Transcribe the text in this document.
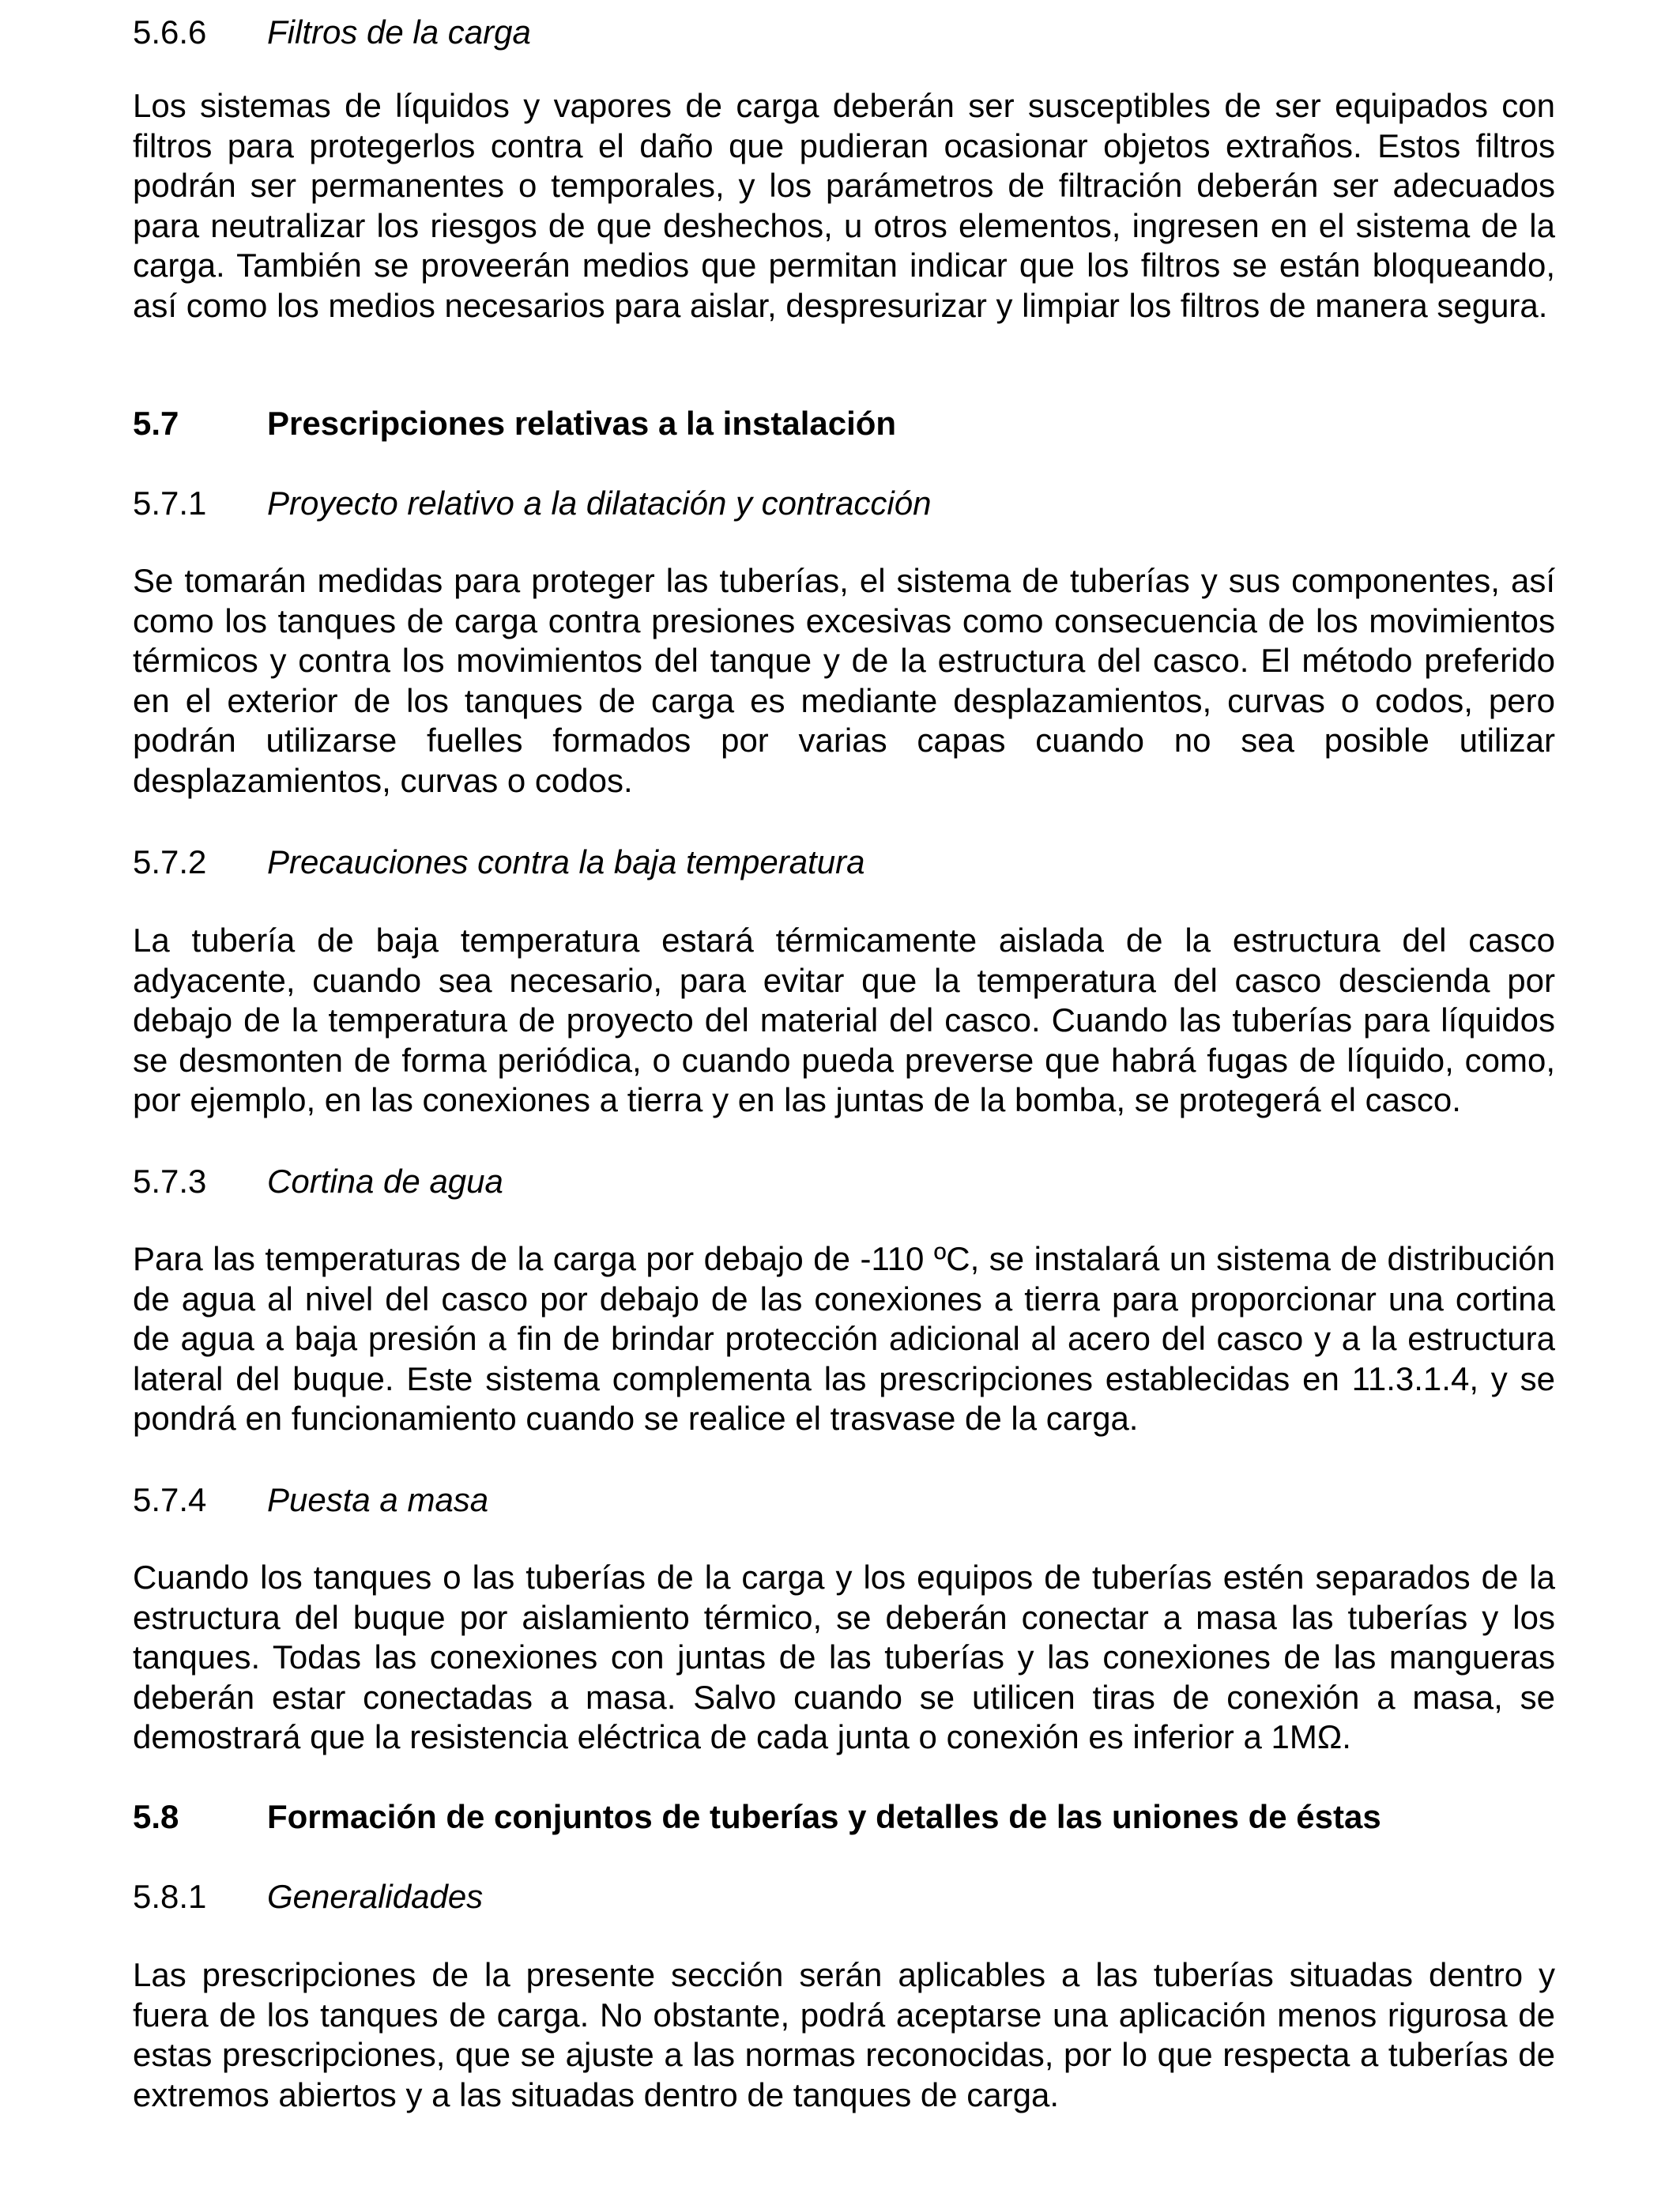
5.6.6 Filtros de la carga

Los sistemas de líquidos y vapores de carga deberán ser susceptibles de ser equipados con filtros para protegerlos contra el daño que pudieran ocasionar objetos extraños. Estos filtros podrán ser permanentes o temporales, y los parámetros de filtración deberán ser adecuados para neutralizar los riesgos de que deshechos, u otros elementos, ingresen en el sistema de la carga. También se proveerán medios que permitan indicar que los filtros se están bloqueando, así como los medios necesarios para aislar, despresurizar y limpiar los filtros de manera segura.

5.7	Prescripciones relativas a la instalación
5.7.1 Proyecto relativo a la dilatación y contracción

Se tomarán medidas para proteger las tuberías, el sistema de tuberías y sus componentes, así como los tanques de carga contra presiones excesivas como consecuencia de los movimientos térmicos y contra los movimientos del tanque y de la estructura del casco. El método preferido en el exterior de los tanques de carga es mediante desplazamientos, curvas o codos, pero podrán utilizarse fuelles formados por varias capas cuando no sea posible utilizar desplazamientos, curvas o codos.

5.7.2 Precauciones contra la baja temperatura

La tubería de baja temperatura estará térmicamente aislada de la estructura del casco adyacente, cuando sea necesario, para evitar que la temperatura del casco descienda por debajo de la temperatura de proyecto del material del casco. Cuando las tuberías para líquidos se desmonten de forma periódica, o cuando pueda preverse que habrá fugas de líquido, como, por ejemplo, en las conexiones a tierra y en las juntas de la bomba, se protegerá el casco.

5.7.3 Cortina de agua

Para las temperaturas de la carga por debajo de -110 ºC, se instalará un sistema de distribución de agua al nivel del casco por debajo de las conexiones a tierra para proporcionar una cortina de agua a baja presión a fin de brindar protección adicional al acero del casco y a la estructura lateral del buque. Este sistema complementa las prescripciones establecidas en 11.3.1.4, y se pondrá en funcionamiento cuando se realice el trasvase de la carga.

5.7.4 Puesta a masa

Cuando los tanques o las tuberías de la carga y los equipos de tuberías estén separados de la estructura del buque por aislamiento térmico, se deberán conectar a masa las tuberías y los tanques. Todas las conexiones con juntas de las tuberías y las conexiones de las mangueras deberán estar conectadas a masa. Salvo cuando se utilicen tiras de conexión a masa, se demostrará que la resistencia eléctrica de cada junta o conexión es inferior a 1MΩ.

5.8	Formación de conjuntos de tuberías y detalles de las uniones de éstas
5.8.1 Generalidades

Las prescripciones de la presente sección serán aplicables a las tuberías situadas dentro y fuera de los tanques de carga. No obstante, podrá aceptarse una aplicación menos rigurosa de estas prescripciones, que se ajuste a las normas reconocidas, por lo que respecta a tuberías de extremos abiertos y a las situadas dentro de tanques de carga.
